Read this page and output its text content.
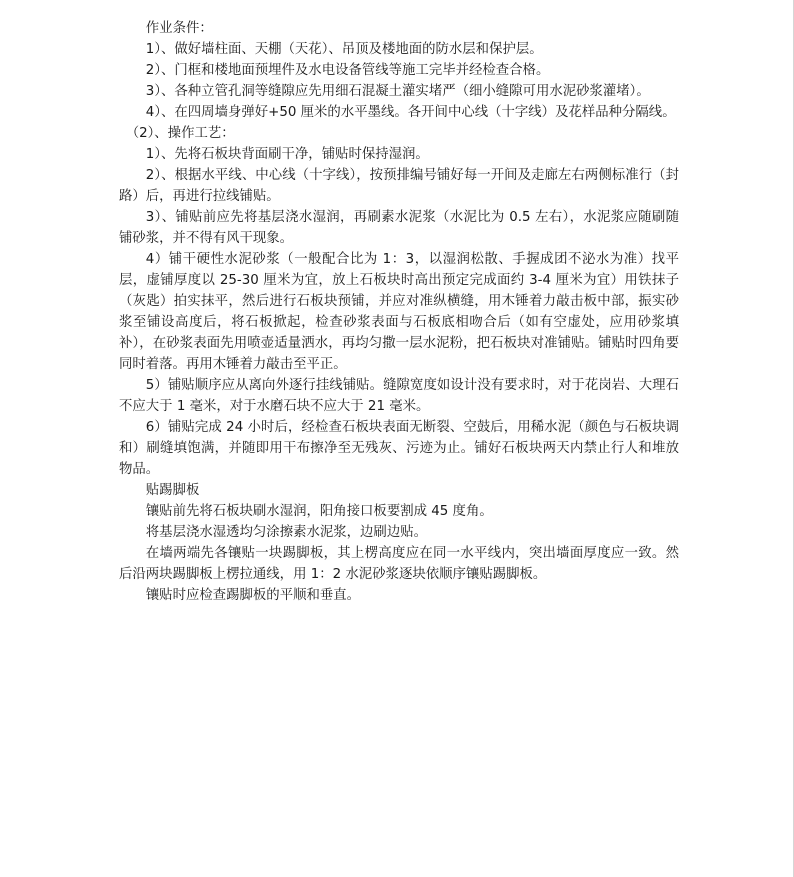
作业条件：

1）、做好墙柱面、天棚（天花）、吊顶及楼地面的防水层和保护层。

2）、门框和楼地面预埋件及水电设备管线等施工完毕并经检查合格。

3）、各种立管孔洞等缝隙应先用细石混凝土灌实堵严（细小缝隙可用水泥砂浆灌堵）。

4）、在四周墙身弹好+50 厘米的水平墨线。各开间中心线（十字线）及花样品种分隔线。

（2）、操作工艺：

1）、先将石板块背面刷干净，铺贴时保持湿润。

2）、根据水平线、中心线（十字线），按预排编号铺好每一开间及走廊左右两侧标准行（封路）后，再进行拉线铺贴。

3）、铺贴前应先将基层浇水湿润，再刷素水泥浆（水泥比为 0.5 左右），水泥浆应随刷随铺砂浆，并不得有风干现象。

4）铺干硬性水泥砂浆（一般配合比为 1：3，以湿润松散、手握成团不泌水为准）找平层，虚铺厚度以 25-30 厘米为宜，放上石板块时高出预定完成面约 3-4 厘米为宜）用铁抹子（灰匙）拍实抹平，然后进行石板块预铺，并应对准纵横缝，用木锤着力敲击板中部，振实砂浆至铺设高度后，将石板掀起，检查砂浆表面与石板底相吻合后（如有空虚处，应用砂浆填补），在砂浆表面先用喷壶适量洒水，再均匀撒一层水泥粉，把石板块对准铺贴。铺贴时四角要同时着落。再用木锤着力敲击至平正。

5）铺贴顺序应从离向外逐行挂线铺贴。缝隙宽度如设计没有要求时，对于花岗岩、大理石不应大于 1 毫米，对于水磨石块不应大于 21 毫米。

6）铺贴完成 24 小时后，经检查石板块表面无断裂、空鼓后，用稀水泥（颜色与石板块调和）刷缝填饱满，并随即用干布擦净至无残灰、污迹为止。铺好石板块两天内禁止行人和堆放物品。

贴踢脚板

镶贴前先将石板块刷水湿润，阳角接口板要割成 45 度角。

将基层浇水湿透均匀涂擦素水泥浆，边刷边贴。

在墙两端先各镶贴一块踢脚板，其上楞高度应在同一水平线内，突出墙面厚度应一致。然后沿两块踢脚板上楞拉通线，用 1：2 水泥砂浆逐块依顺序镶贴踢脚板。

镶贴时应检查踢脚板的平顺和垂直。
